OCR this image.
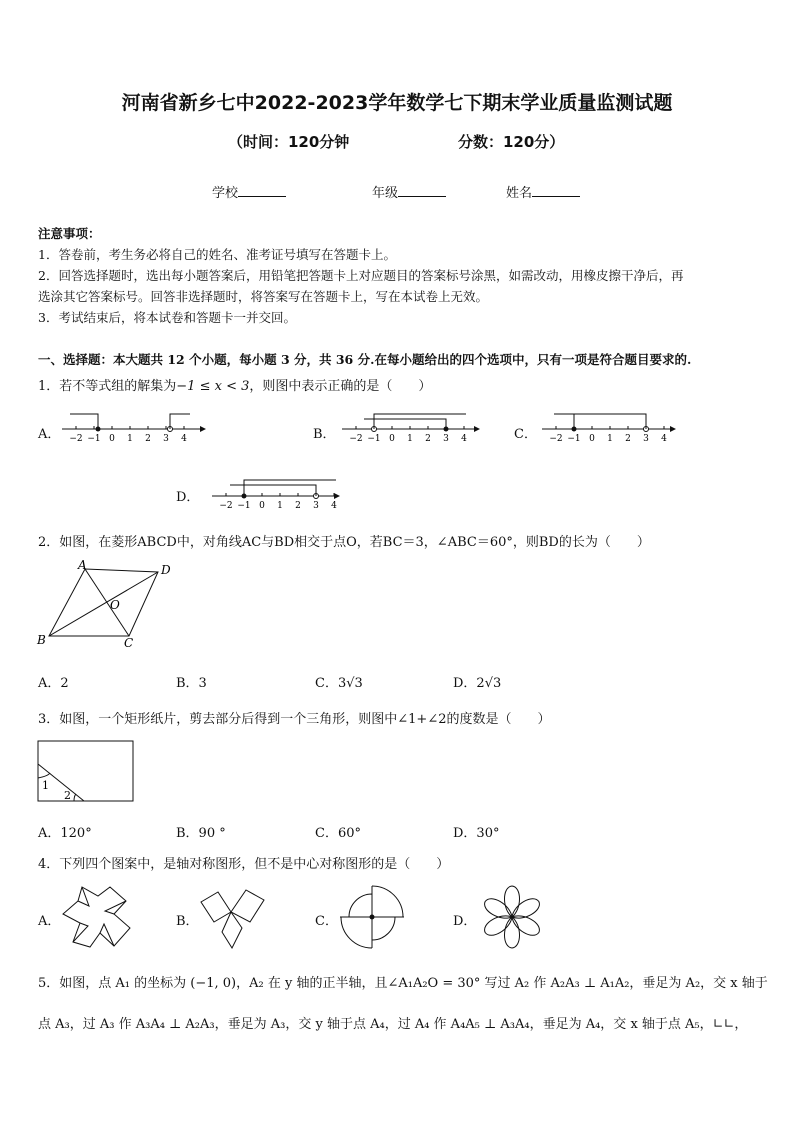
河南省新乡七中2022-2023学年数学七下期末学业质量监测试题
（时间：120分钟	分数：120分）
学校	年级	姓名
注意事项：
1．答卷前，考生务必将自己的姓名、准考证号填写在答题卡上。
2．回答选择题时，选出每小题答案后，用铅笔把答题卡上对应题目的答案标号涂黑，如需改动，用橡皮擦干净后，再
选涂其它答案标号。回答非选择题时，将答案写在答题卡上，写在本试卷上无效。
3．考试结束后，将本试卷和答题卡一并交回。
一、选择题：本大题共 12 个小题，每小题 3 分，共 36 分.在每小题给出的四个选项中，只有一项是符合题目要求的.
1．若不等式组的解集为−1 ≤ x < 3，则图中表示正确的是（　　）
A．	B．	C．
D．
−2 −1 0 1 2 3 4	−2 −1 0 1 2 3 4	−2 −1 0 1 2 3 4
−2 −1 0 1 2 3 4
2．如图，在菱形ABCD中，对角线AC与BD相交于点O，若BC＝3，∠ABC＝60°，则BD的长为（　　）
A	D
O
B	C
A．2	B．3	C．3√3	D．2√3
3．如图，一个矩形纸片，剪去部分后得到一个三角形，则图中∠1+∠2的度数是（　　）
1
2
A．120°	B．90 °	C．60°	D．30°
4．下列四个图案中，是轴对称图形，但不是中心对称图形的是（　　）
A．	B．	C．	D．
5．如图，点 A₁ 的坐标为 (−1, 0)，A₂ 在 y 轴的正半轴，且∠A₁A₂O = 30° 写过 A₂ 作 A₂A₃ ⊥ A₁A₂，垂足为 A₂，交 x 轴于
点 A₃，过 A₃ 作 A₃A₄ ⊥ A₂A₃，垂足为 A₃，交 y 轴于点 A₄，过 A₄ 作 A₄A₅ ⊥ A₃A₄，垂足为 A₄，交 x 轴于点 A₅，∟∟，
